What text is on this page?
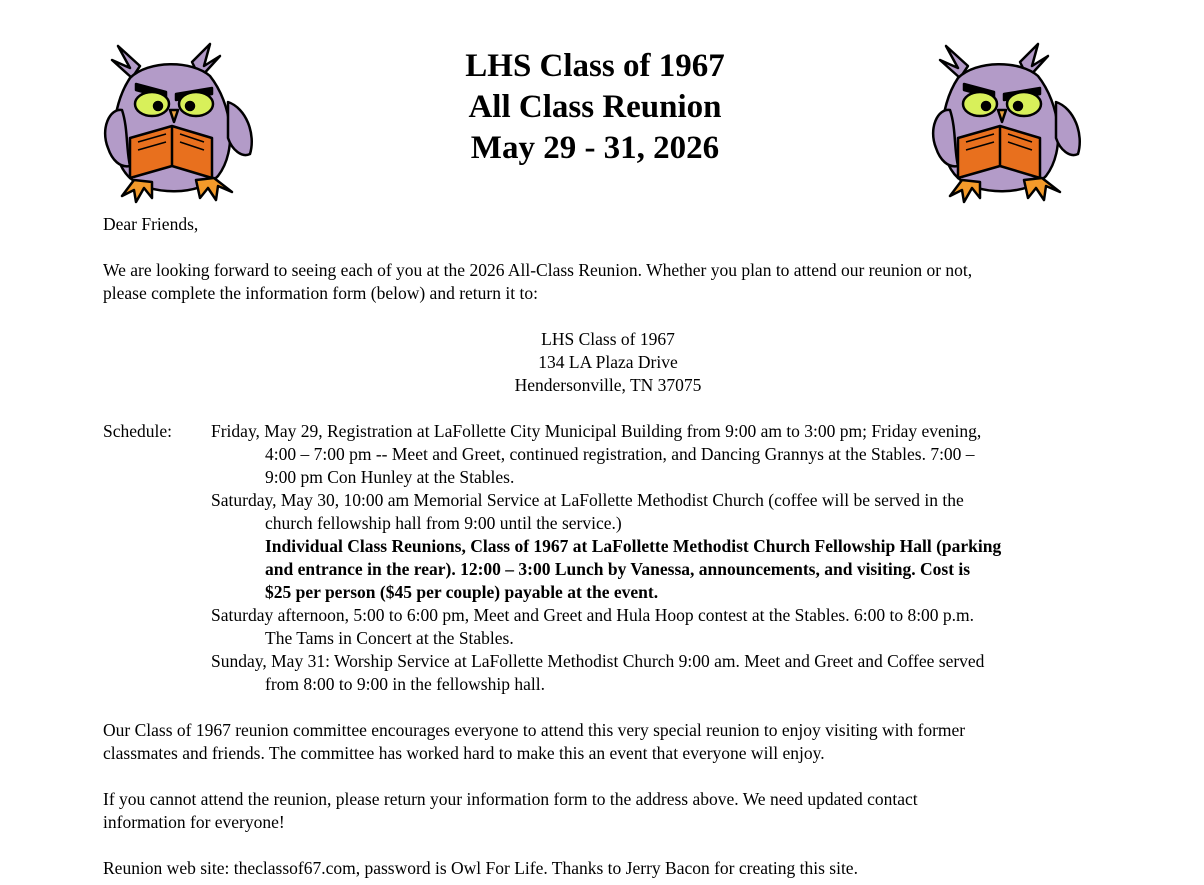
LHS Class of 1967
All Class Reunion
May 29 - 31, 2026

Dear Friends,

We are looking forward to seeing each of you at the 2026 All-Class Reunion. Whether you plan to attend our reunion or not,
please complete the information form (below) and return it to:

LHS Class of 1967
134 LA Plaza Drive
Hendersonville, TN 37075
Schedule: Friday, May 29, Registration at LaFollette City Municipal Building from 9:00 am to 3:00 pm; Friday evening,
4:00 – 7:00 pm -- Meet and Greet, continued registration, and Dancing Grannys at the Stables. 7:00 –
9:00 pm Con Hunley at the Stables.
Saturday, May 30, 10:00 am Memorial Service at LaFollette Methodist Church (coffee will be served in the
church fellowship hall from 9:00 until the service.)
Individual Class Reunions, Class of 1967 at LaFollette Methodist Church Fellowship Hall (parking
and entrance in the rear). 12:00 – 3:00 Lunch by Vanessa, announcements, and visiting. Cost is
$25 per person ($45 per couple) payable at the event.
Saturday afternoon, 5:00 to 6:00 pm, Meet and Greet and Hula Hoop contest at the Stables. 6:00 to 8:00 p.m.
The Tams in Concert at the Stables.
Sunday, May 31: Worship Service at LaFollette Methodist Church 9:00 am. Meet and Greet and Coffee served
from 8:00 to 9:00 in the fellowship hall.

Our Class of 1967 reunion committee encourages everyone to attend this very special reunion to enjoy visiting with former
classmates and friends. The committee has worked hard to make this an event that everyone will enjoy.

If you cannot attend the reunion, please return your information form to the address above. We need updated contact
information for everyone!

Reunion web site: theclassof67.com, password is Owl For Life. Thanks to Jerry Bacon for creating this site.
